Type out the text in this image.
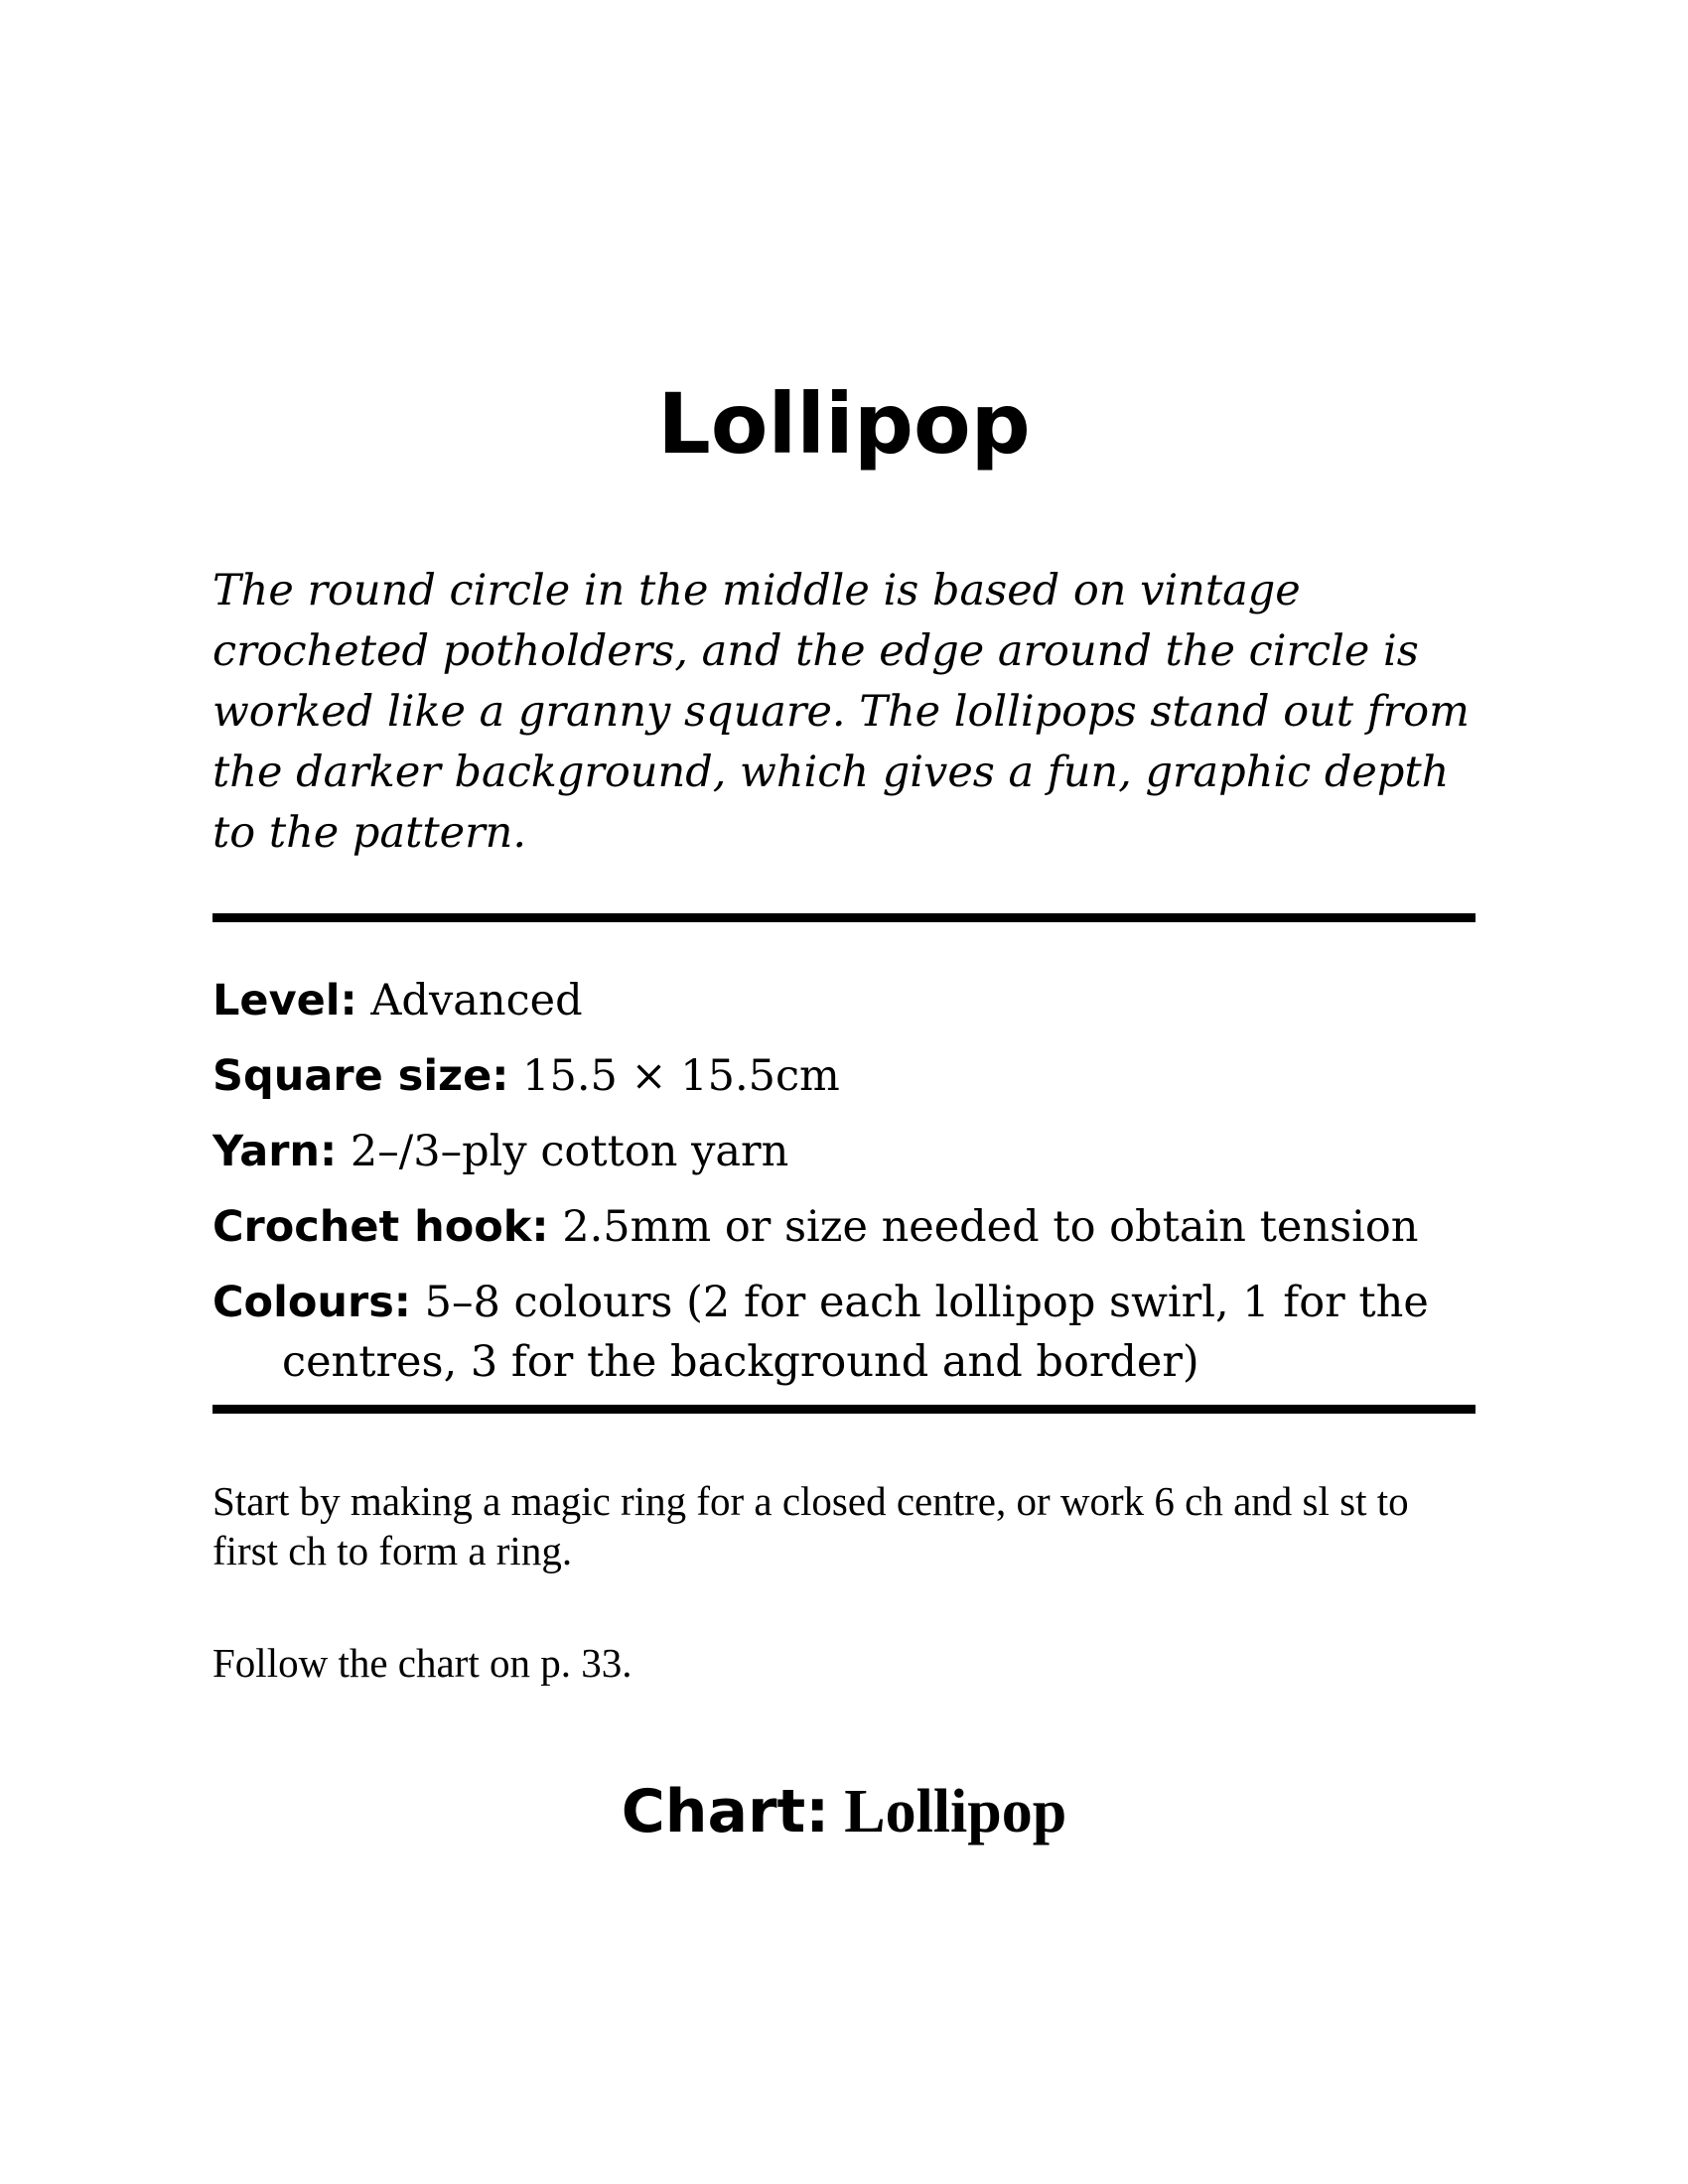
Lollipop

The round circle in the middle is based on vintage crocheted potholders, and the edge around the circle is worked like a granny square. The lollipops stand out from the darker background, which gives a fun, graphic depth to the pattern.

Level: Advanced
Square size: 15.5 × 15.5cm
Yarn: 2–/3–ply cotton yarn
Crochet hook: 2.5mm or size needed to obtain tension
Colours: 5–8 colours (2 for each lollipop swirl, 1 for the centres, 3 for the background and border)

Start by making a magic ring for a closed centre, or work 6 ch and sl st to first ch to form a ring.

Follow the chart on p. 33.

Chart: Lollipop
